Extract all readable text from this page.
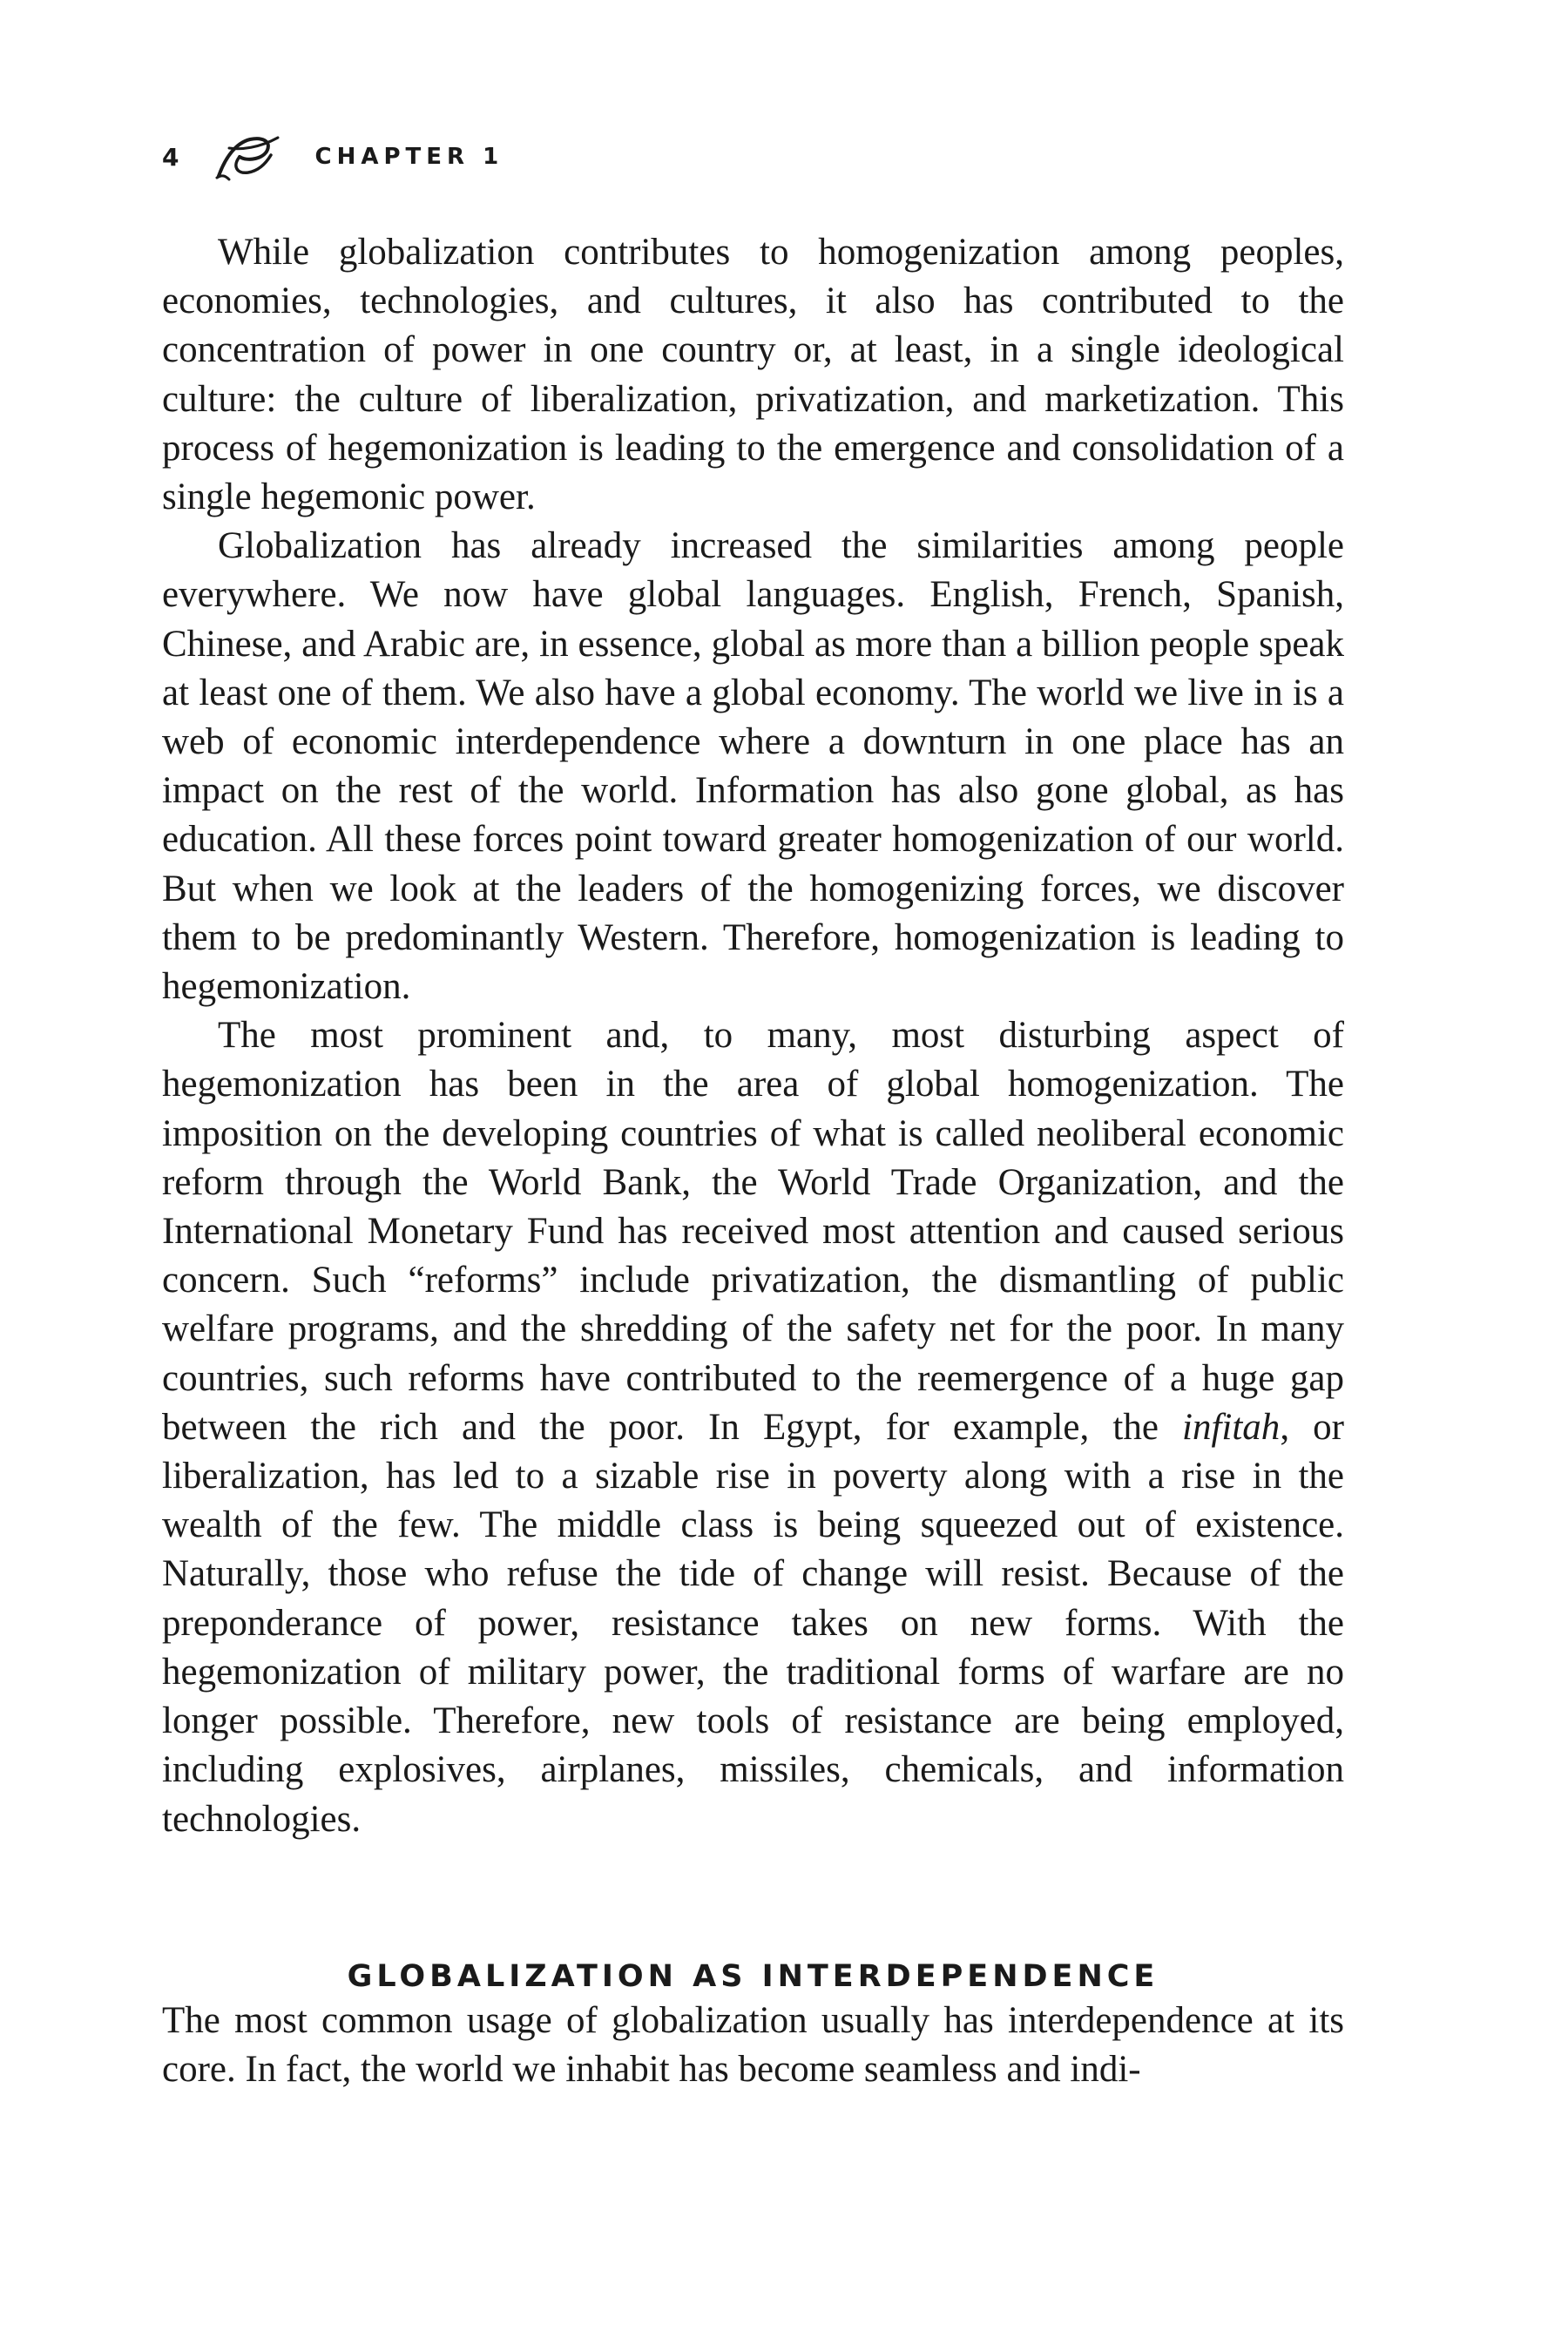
4	CHAPTER 1

While globalization contributes to homogenization among peoples, economies, technologies, and cultures, it also has contributed to the concentration of power in one country or, at least, in a single ideological culture: the culture of liberalization, privatization, and marketization. This process of hegemonization is leading to the emergence and consolidation of a single hegemonic power.

Globalization has already increased the similarities among people everywhere. We now have global languages. English, French, Spanish, Chinese, and Arabic are, in essence, global as more than a billion people speak at least one of them. We also have a global economy. The world we live in is a web of economic interdependence where a downturn in one place has an impact on the rest of the world. Information has also gone global, as has education. All these forces point toward greater homogenization of our world. But when we look at the leaders of the homogenizing forces, we discover them to be predominantly Western. Therefore, homogenization is leading to hegemonization.

The most prominent and, to many, most disturbing aspect of hegemonization has been in the area of global homogenization. The imposition on the developing countries of what is called neoliberal economic reform through the World Bank, the World Trade Organization, and the International Monetary Fund has received most attention and caused serious concern. Such “reforms” include privatization, the dismantling of public welfare programs, and the shredding of the safety net for the poor. In many countries, such reforms have contributed to the reemergence of a huge gap between the rich and the poor. In Egypt, for example, the infitah, or liberalization, has led to a sizable rise in poverty along with a rise in the wealth of the few. The middle class is being squeezed out of existence. Naturally, those who refuse the tide of change will resist. Because of the preponderance of power, resistance takes on new forms. With the hegemonization of military power, the traditional forms of warfare are no longer possible. Therefore, new tools of resistance are being employed, including explosives, airplanes, missiles, chemicals, and information technologies.

GLOBALIZATION AS INTERDEPENDENCE

The most common usage of globalization usually has interdependence at its core. In fact, the world we inhabit has become seamless and indi-
